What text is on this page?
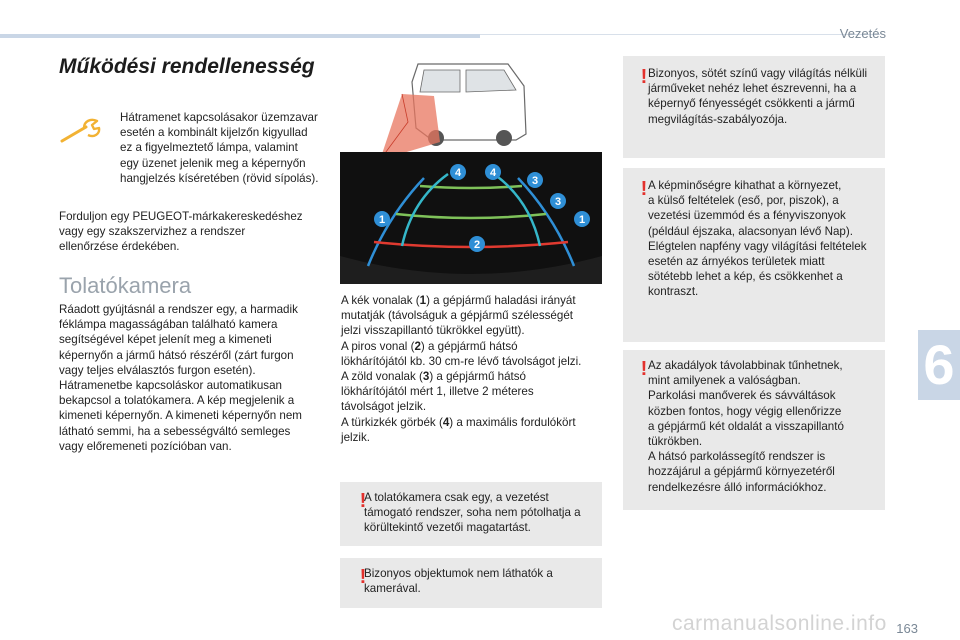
Vezetés
6
Működési rendellenesség

Hátramenet kapcsolásakor üzemzavar
esetén a kombinált kijelzőn kigyullad
ez a figyelmeztető lámpa, valamint
egy üzenet jelenik meg a képernyőn
hangjelzés kíséretében (rövid sípolás).

Forduljon egy PEUGEOT-márkakereskedéshez
vagy egy szakszervizhez a rendszer
ellenőrzése érdekében.

Tolatókamera

Ráadott gyújtásnál a rendszer egy, a harmadik
féklámpa magasságában található kamera
segítségével képet jelenít meg a kimeneti
képernyőn a jármű hátsó részéről (zárt furgon
vagy teljes elválasztós furgon esetén).
Hátramenetbe kapcsoláskor automatikusan
bekapcsol a tolatókamera. A kép megjelenik a
kimeneti képernyőn. A kimeneti képernyőn nem
látható semmi, ha a sebességváltó semleges
vagy előremeneti pozícióban van.

1	1
2
3
3
4	4

A kék vonalak (1) a gépjármű haladási irányát
mutatják (távolságuk a gépjármű szélességét
jelzi visszapillantó tükrökkel együtt).
A piros vonal (2) a gépjármű hátsó
lökhárítójától kb. 30 cm-re lévő távolságot jelzi.
A zöld vonalak (3) a gépjármű hátsó
lökhárítójától mért 1, illetve 2 méteres
távolságot jelzik.
A türkizkék görbék (4) a maximális fordulókört
jelzik.

!
A tolatókamera csak egy, a vezetést
támogató rendszer, soha nem pótolhatja a
körültekintő vezetői magatartást.
!
Bizonyos objektumok nem láthatók a
kamerával.
! Bizonyos, sötét színű vagy világítás nélküli
járműveket nehéz lehet észrevenni, ha a
képernyő fényességét csökkenti a jármű
megvilágítás-szabályozója.
! A képminőségre kihathat a környezet,
a külső feltételek (eső, por, piszok), a
vezetési üzemmód és a fényviszonyok
(például éjszaka, alacsonyan lévő Nap).
Elégtelen napfény vagy világítási feltételek
esetén az árnyékos területek miatt
sötétebb lehet a kép, és csökkenhet a
kontraszt.
! Az akadályok távolabbinak tűnhetnek,
mint amilyenek a valóságban.
Parkolási manőverek és sávváltások
közben fontos, hogy végig ellenőrizze
a gépjármű két oldalát a visszapillantó
tükrökben.
A hátsó parkolássegítő rendszer is
hozzájárul a gépjármű környezetéről
rendelkezésre álló információkhoz.
carmanualsonline.info 163
